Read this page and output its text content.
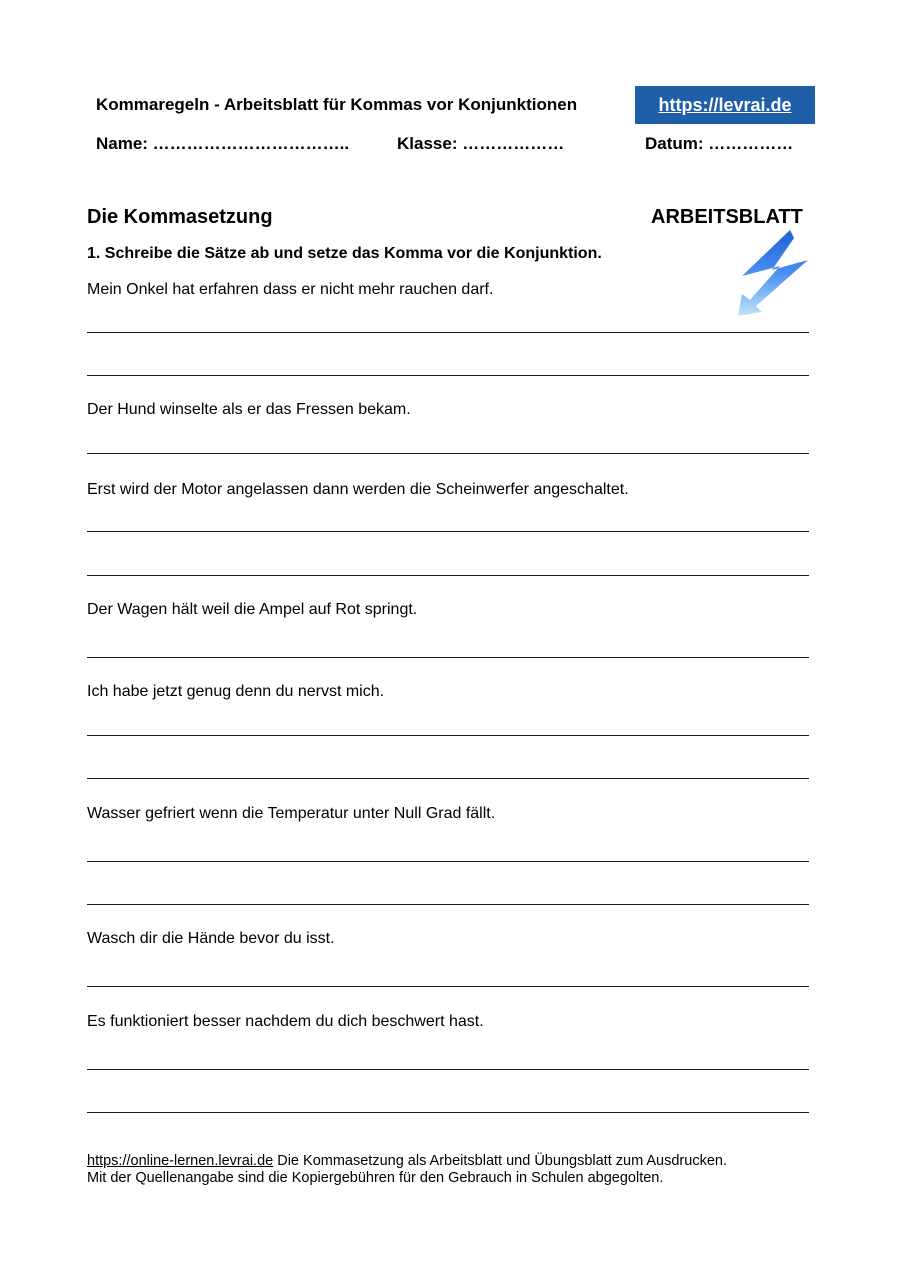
Kommaregeln - Arbeitsblatt für Kommas vor Konjunktionen	https://levrai.de
Name: ……………………………..	Klasse: ………………	Datum: ……………
Die Kommasetzung	ARBEITSBLATT
1. Schreibe die Sätze ab und setze das Komma vor die Konjunktion.
Mein Onkel hat erfahren dass er nicht mehr rauchen darf.
Der Hund winselte als er das Fressen bekam.
Erst wird der Motor angelassen dann werden die Scheinwerfer angeschaltet.
Der Wagen hält weil die Ampel auf Rot springt.
Ich habe jetzt genug denn du nervst mich.
Wasser gefriert wenn die Temperatur unter Null Grad fällt.
Wasch dir die Hände bevor du isst.
Es funktioniert besser nachdem du dich beschwert hast.
https://online-lernen.levrai.de Die Kommasetzung als Arbeitsblatt und Übungsblatt zum Ausdrucken.
Mit der Quellenangabe sind die Kopiergebühren für den Gebrauch in Schulen abgegolten.
